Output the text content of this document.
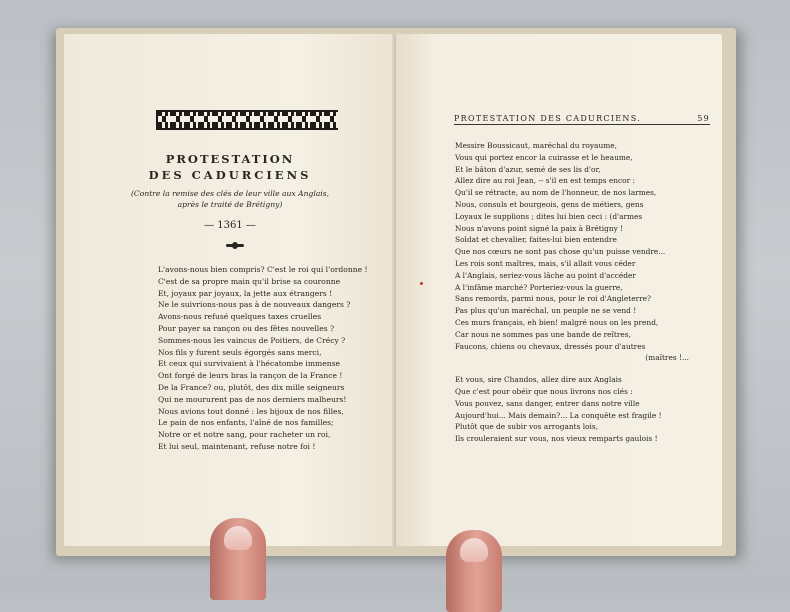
PROTESTATION
DES CADURCIENS
(Contre la remise des clés de leur ville aux Anglais,
après le traité de Brétigny)
— 1361 —
L'avons-nous bien compris? C'est le roi qui l'ordonne !
C'est de sa propre main qu'il brise sa couronne
Et, joyaux par joyaux, la jette aux étrangers !
Ne le suivrions-nous pas à de nouveaux dangers ?
Avons-nous refusé quelques taxes cruelles
Pour payer sa rançon ou des fêtes nouvelles ?
Sommes-nous les vaincus de Poitiers, de Crécy ?
Nos fils y furent seuls égorgés sans merci,
Et ceux qui survivaient à l'hécatombe immense
Ont forgé de leurs bras la rançon de la France !
De la France? ou, plutôt, des dix mille seigneurs
Qui ne moururent pas de nos derniers malheurs!
Nous avions tout donné : les bijoux de nos filles,
Le pain de nos enfants, l'aîné de nos familles;
Notre or et notre sang, pour racheter un roi,
Et lui seul, maintenant, refuse notre foi !
PROTESTATION DES CADURCIENS.	59
Messire Boussicaut, maréchal du royaume,
Vous qui portez encor la cuirasse et le heaume,
Et le bâton d'azur, semé de ses lis d'or,
Allez dire au roi Jean, -- s'il en est temps encor :
Qu'il se rétracte, au nom de l'honneur, de nos larmes,
Nous, consuls et bourgeois, gens de métiers, gens
Loyaux le supplions ; dites lui bien ceci : (d'armes
Nous n'avons point signé la paix à Brétigny !
Soldat et chevalier, faites-lui bien entendre
Que nos cœurs ne sont pas chose qu'un puisse vendre...
Les rois sont maîtres, mais, s'il allait vous céder
A l'Anglais, seriez-vous lâche au point d'accéder
A l'infâme marché? Porteriez-vous la guerre,
Sans remords, parmi nous, pour le roi d'Angleterre?
Pas plus qu'un maréchal, un peuple ne se vend !
Ces murs français, eh bien! malgré nous on les prend,
Car nous ne sommes pas une bande de reîtres,
Faucons, chiens ou chevaux, dressés pour d'autres
(maîtres !...
Et vous, sire Chandos, allez dire aux Anglais
Que c'est pour obéir que nous livrons nos clés :
Vous pouvez, sans danger, entrer dans notre ville
Aujourd'hui... Mais demain?... La conquête est fragile !
Plutôt que de subir vos arrogants lois,
Ils crouleraient sur vous, nos vieux remparts gaulois !
